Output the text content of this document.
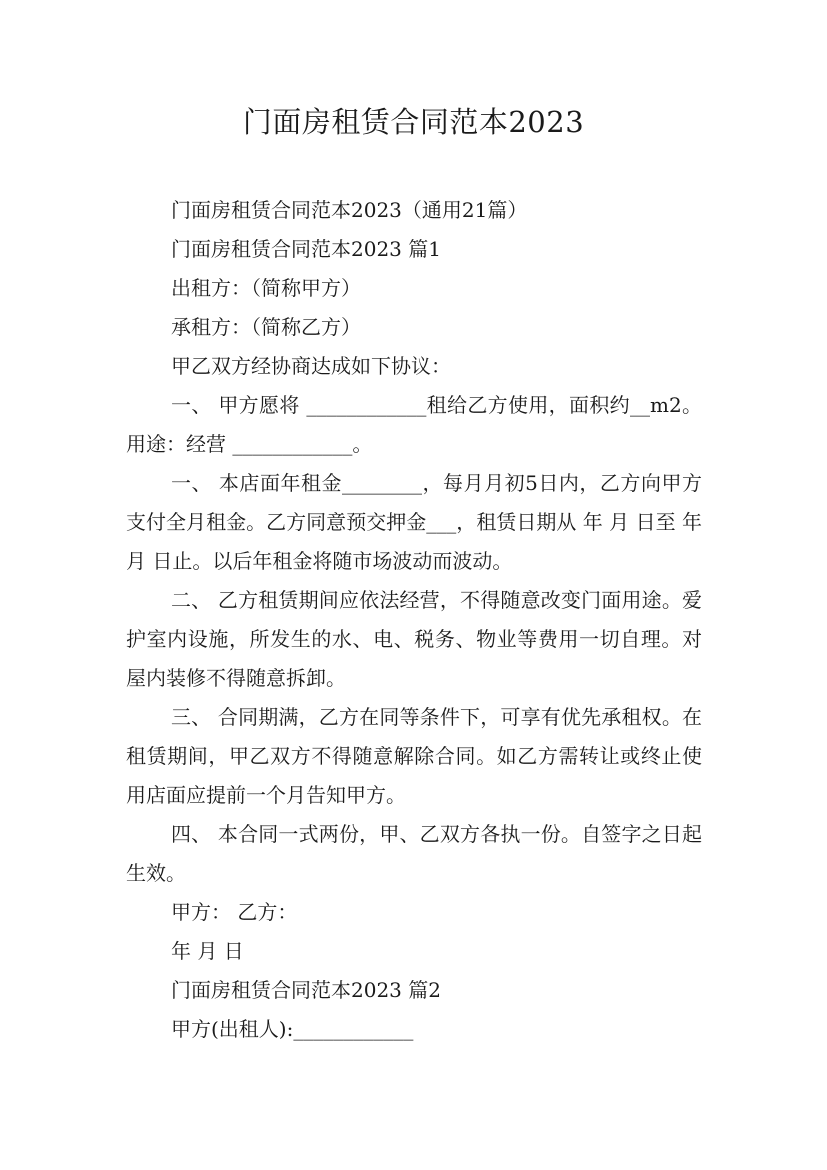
门面房租赁合同范本2023

门面房租赁合同范本2023（通用21篇）

门面房租赁合同范本2023 篇1

出租方：（简称甲方）

承租方：（简称乙方）

甲乙双方经协商达成如下协议：

一、 甲方愿将 ____________租给乙方使用，面积约__m2。用途：经营 ____________。

一、 本店面年租金________，每月月初5日内，乙方向甲方支付全月租金。乙方同意预交押金___，租赁日期从 年 月 日至 年 月 日止。以后年租金将随市场波动而波动。

二、 乙方租赁期间应依法经营，不得随意改变门面用途。爱护室内设施，所发生的水、电、税务、物业等费用一切自理。对屋内装修不得随意拆卸。

三、 合同期满，乙方在同等条件下，可享有优先承租权。在租赁期间，甲乙双方不得随意解除合同。如乙方需转让或终止使用店面应提前一个月告知甲方。

四、 本合同一式两份，甲、乙双方各执一份。自签字之日起生效。

甲方： 乙方：

年 月 日

门面房租赁合同范本2023 篇2

甲方(出租人):____________
